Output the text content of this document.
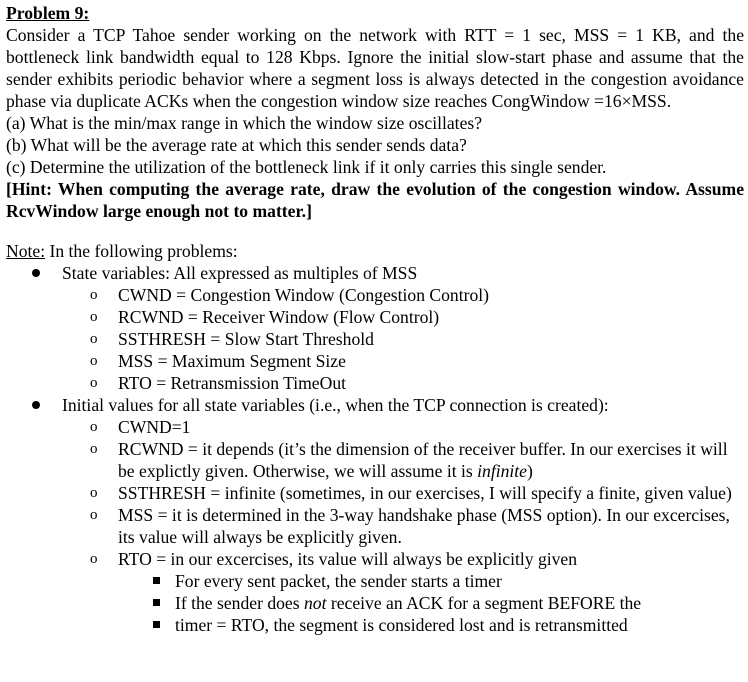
Problem 9:

Consider a TCP Tahoe sender working on the network with RTT = 1 sec, MSS = 1 KB, and the bottleneck link bandwidth equal to 128 Kbps. Ignore the initial slow-start phase and assume that the sender exhibits periodic behavior where a segment loss is always detected in the congestion avoidance phase via duplicate ACKs when the congestion window size reaches CongWindow =16×MSS.

(a) What is the min/max range in which the window size oscillates?

(b) What will be the average rate at which this sender sends data?

(c) Determine the utilization of the bottleneck link if it only carries this single sender.

[Hint: When computing the average rate, draw the evolution of the congestion window. Assume RcvWindow large enough not to matter.]

Note: In the following problems:

State variables: All expressed as multiples of MSS
o CWND = Congestion Window (Congestion Control)
o RCWND = Receiver Window (Flow Control)
o SSTHRESH = Slow Start Threshold
o MSS = Maximum Segment Size
o RTO = Retransmission TimeOut
Initial values for all state variables (i.e., when the TCP connection is created):
o CWND=1
o RCWND = it depends (it’s the dimension of the receiver buffer. In our exercises it will be explictly given. Otherwise, we will assume it is infinite)
o SSTHRESH = infinite (sometimes, in our exercises, I will specify a finite, given value)
o MSS = it is determined in the 3-way handshake phase (MSS option). In our excercises, its value will always be explicitly given.
o RTO = in our excercises, its value will always be explicitly given
For every sent packet, the sender starts a timer
If the sender does not receive an ACK for a segment BEFORE the
timer = RTO, the segment is considered lost and is retransmitted
